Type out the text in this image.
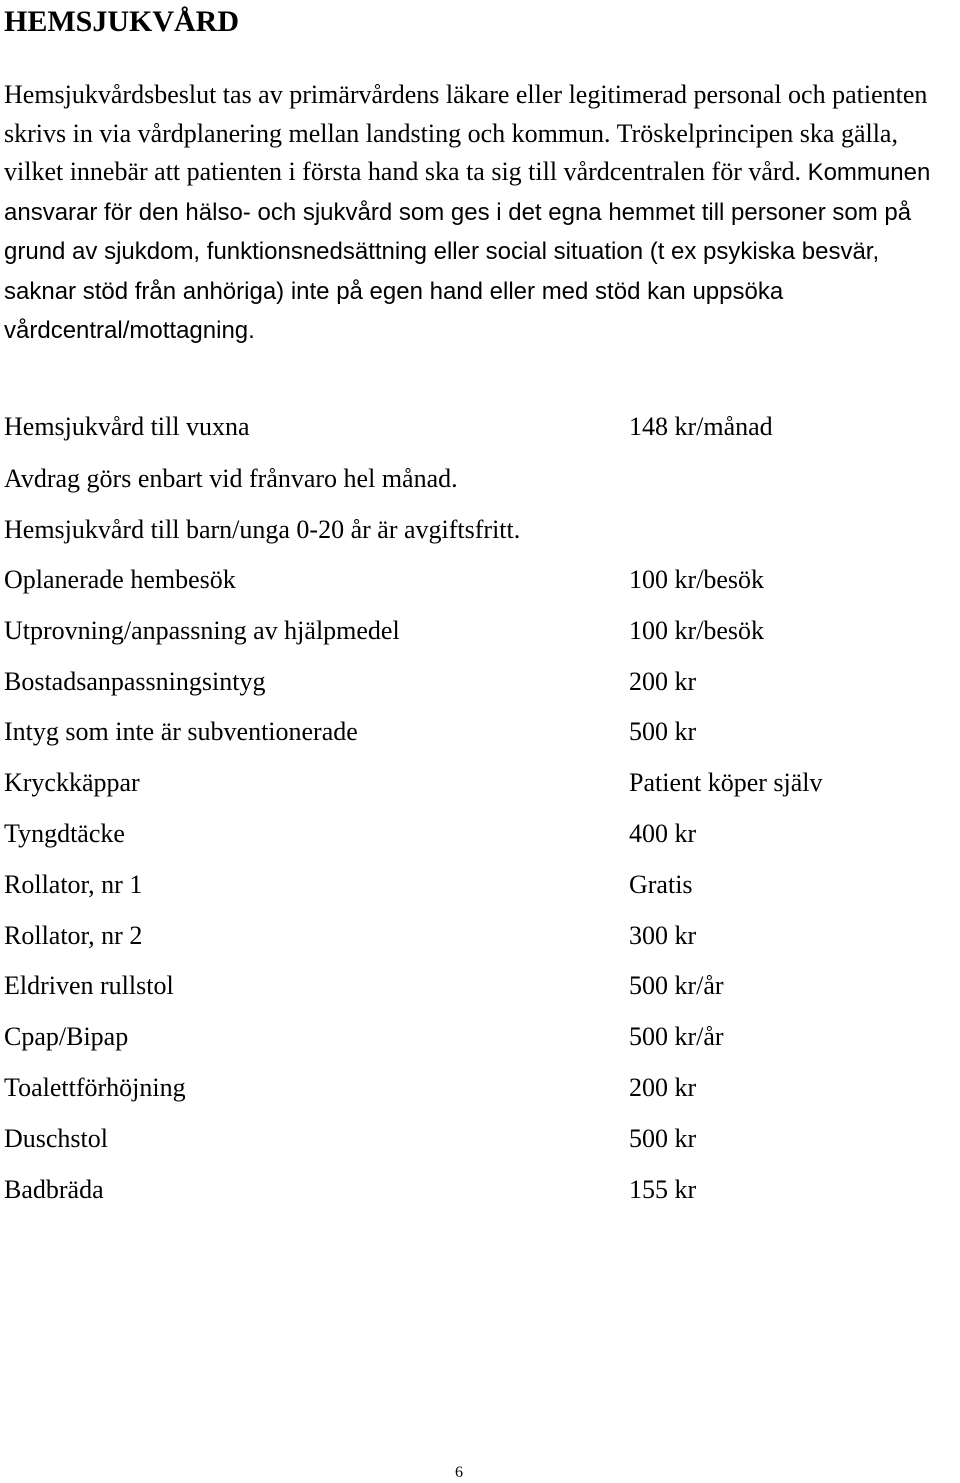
HEMSJUKVÅRD

Hemsjukvårdsbeslut tas av primärvårdens läkare eller legitimerad personal och patienten skrivs in via vårdplanering mellan landsting och kommun. Tröskelprincipen ska gälla, vilket innebär att patienten i första hand ska ta sig till vårdcentralen för vård. Kommunen ansvarar för den hälso- och sjukvård som ges i det egna hemmet till personer som på grund av sjukdom, funktionsnedsättning eller social situation (t ex psykiska besvär, saknar stöd från anhöriga) inte på egen hand eller med stöd kan uppsöka vårdcentral/mottagning.

Hemsjukvård till vuxna	148 kr/månad
Avdrag görs enbart vid frånvaro hel månad.
Hemsjukvård till barn/unga 0-20 år är avgiftsfritt.
Oplanerade hembesök	100 kr/besök
Utprovning/anpassning av hjälpmedel	100 kr/besök
Bostadsanpassningsintyg	200 kr
Intyg som inte är subventionerade	500 kr
Kryckkäppar	Patient köper själv
Tyngdtäcke	400 kr
Rollator, nr 1	Gratis
Rollator, nr 2	300 kr
Eldriven rullstol	500 kr/år
Cpap/Bipap	500 kr/år
Toalettförhöjning	200 kr
Duschstol	500 kr
Badbräda	155 kr
6
